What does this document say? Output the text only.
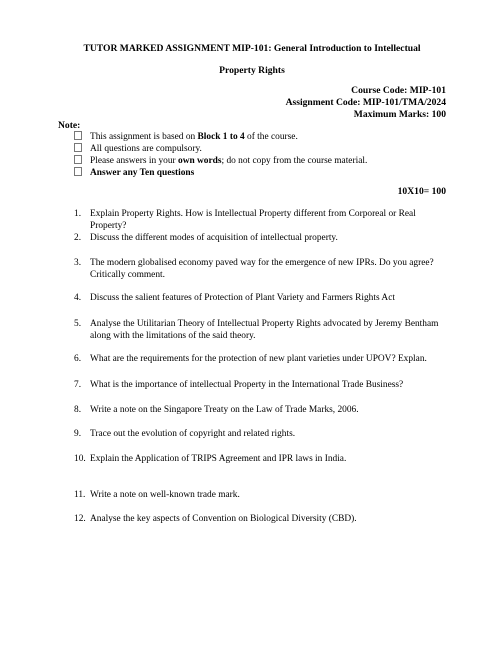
TUTOR MARKED ASSIGNMENT MIP-101: General Introduction to Intellectual
Property Rights
Course Code: MIP-101
Assignment Code: MIP-101/TMA/2024
Maximum Marks: 100
Note:
This assignment is based on Block 1 to 4 of the course.
All questions are compulsory.
Please answers in your own words; do not copy from the course material.
Answer any Ten questions
10X10= 100
1. Explain Property Rights. How is Intellectual Property different from Corporeal or Real Property?
2. Discuss the different modes of acquisition of intellectual property.
3. The modern globalised economy paved way for the emergence of new IPRs. Do you agree? Critically comment.
4. Discuss the salient features of Protection of Plant Variety and Farmers Rights Act
5. Analyse the Utilitarian Theory of Intellectual Property Rights advocated by Jeremy Bentham along with the limitations of the said theory.
6. What are the requirements for the protection of new plant varieties under UPOV? Explan.
7. What is the importance of intellectual Property in the International Trade Business?
8. Write a note on the Singapore Treaty on the Law of Trade Marks, 2006.
9. Trace out the evolution of copyright and related rights.
10. Explain the Application of TRIPS Agreement and IPR laws in India.
11. Write a note on well-known trade mark.
12. Analyse the key aspects of Convention on Biological Diversity (CBD).
